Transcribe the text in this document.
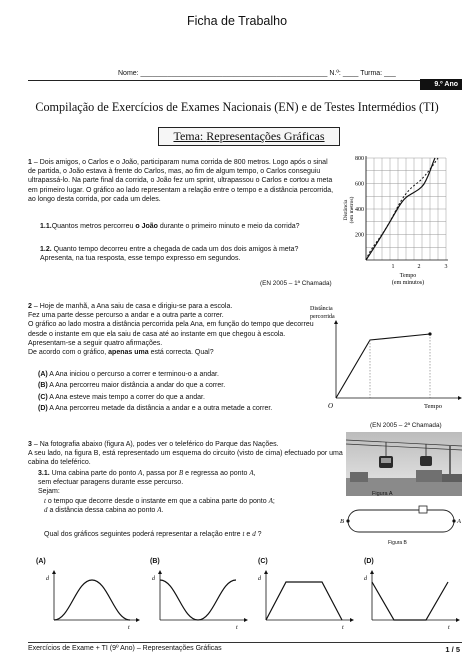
Ficha de Trabalho
Nome: ________________________________________________ N.º: ____ Turma: ___
9.º Ano
Compilação de Exercícios de Exames Nacionais (EN) e de Testes Intermédios (TI)
Tema: Representações Gráficas
1 – Dois amigos, o Carlos e o João, participaram numa corrida de 800 metros. Logo após o sinal de partida, o João estava à frente do Carlos, mas, ao fim de algum tempo, o Carlos conseguiu ultrapassá-lo. Na parte final da corrida, o João fez um sprint, ultrapassou o Carlos e cortou a meta em primeiro lugar. O gráfico ao lado representam a relação entre o tempo e a distância percorrida, ao longo desta corrida, por cada um deles.
1.1.Quantos metros percorreu o João durante o primeiro minuto e meio da corrida?
1.2. Quanto tempo decorreu entre a chegada de cada um dos dois amigos à meta?
Apresenta, na tua resposta, esse tempo expresso em segundos.
(EN 2005 – 1ª Chamada)
800
600
400
200
1	2	3
Tempo
(em minutos)
Distância (em metros)
2 – Hoje de manhã, a Ana saiu de casa e dirigiu-se para a escola.
Fez uma parte desse percurso a andar e a outra parte a correr.
O gráfico ao lado mostra a distância percorrida pela Ana, em função do tempo que decorreu desde o instante em que ela saiu de casa até ao instante em que chegou à escola.
Apresentam-se a seguir quatro afirmações.
De acordo com o gráfico, apenas uma está correcta. Qual?
(A) A Ana iniciou o percurso a correr e terminou-o a andar.
(B) A Ana percorreu maior distância a andar do que a correr.
(C) A Ana esteve mais tempo a correr do que a andar.
(D) A Ana percorreu metade da distância a andar e a outra metade a correr.
(EN 2005 – 2ª Chamada)
Distância
percorrida
O	Tempo
3 – Na fotografia abaixo (figura A), podes ver o teleférico do Parque das Nações.
A seu lado, na figura B, está representado um esquema do circuito (visto de cima) efectuado por uma cabina do teleférico.
3.1. Uma cabina parte do ponto A, passa por B e regressa ao ponto A,
sem efectuar paragens durante esse percurso.
Sejam:
t o tempo que decorre desde o instante em que a cabina parte do ponto A;
d a distância dessa cabina ao ponto A.
Qual dos gráficos seguintes poderá representar a relação entre t e d ?
Figura A
B	A
Figura B
(A)	(B)	(C)	(D)
d
t
d
t
d
t
d
t
Exercícios de Exame + TI (9º Ano) – Representações Gráficas	1 / 5
